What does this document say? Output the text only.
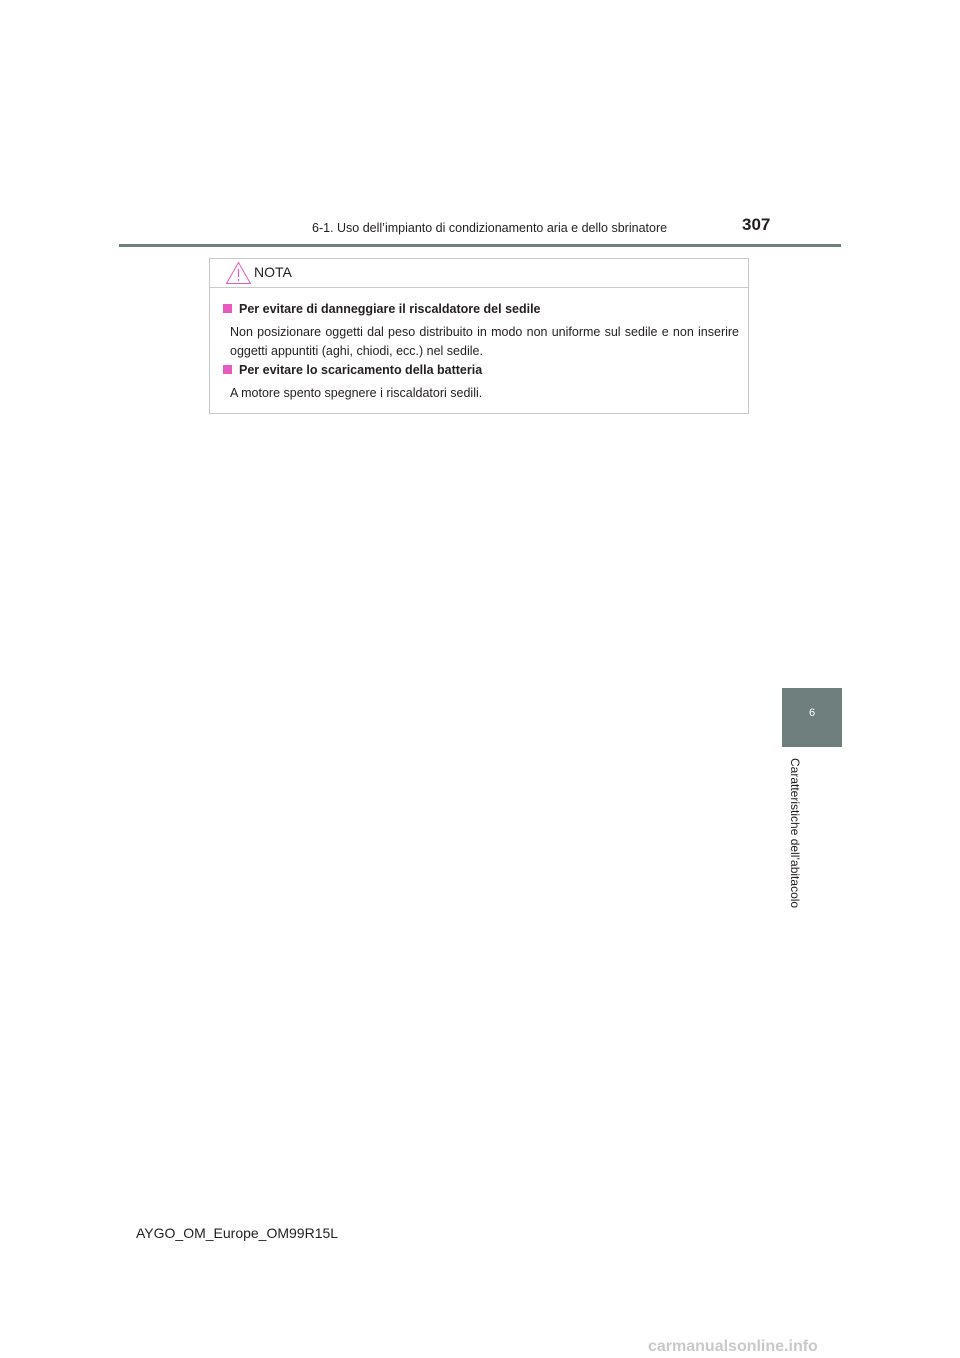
6-1. Uso dell’impianto di condizionamento aria e dello sbrinatore	307
NOTA
Per evitare di danneggiare il riscaldatore del sedile
Non posizionare oggetti dal peso distribuito in modo non uniforme sul sedile e non inserire oggetti appuntiti (aghi, chiodi, ecc.) nel sedile.
Per evitare lo scaricamento della batteria
A motore spento spegnere i riscaldatori sedili.
6
Caratteristiche dell’abitacolo
AYGO_OM_Europe_OM99R15L
carmanualsonline.info
